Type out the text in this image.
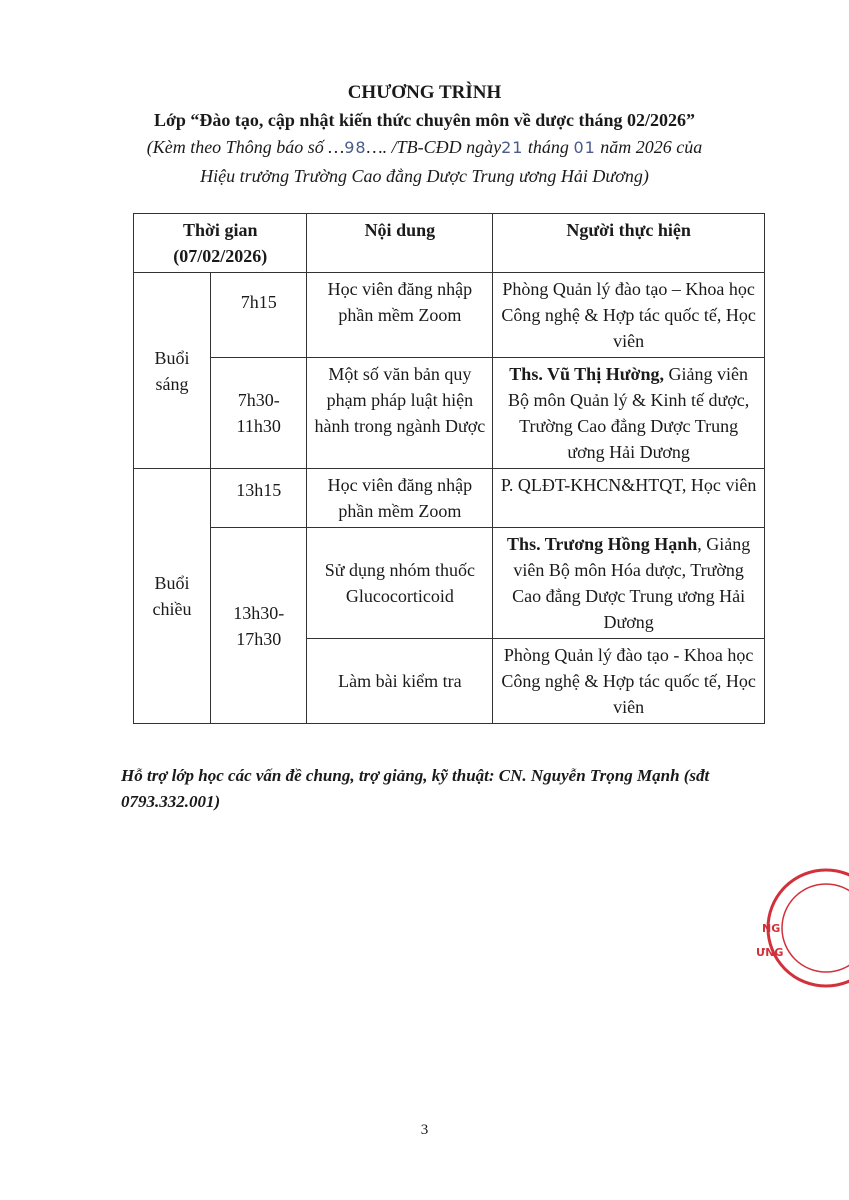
CHƯƠNG TRÌNH
Lớp “Đào tạo, cập nhật kiến thức chuyên môn về dược tháng 02/2026”
(Kèm theo Thông báo số …98…. /TB-CĐD ngày21 tháng 01 năm 2026 của
Hiệu trưởng Trường Cao đẳng Dược Trung ương Hải Dương)
Thời gian
(07/02/2026)		Nội dung	Người thực hiện
Buổi sáng	7h15	Học viên đăng nhập phần mềm Zoom	Phòng Quản lý đào tạo – Khoa học Công nghệ & Hợp tác quốc tế, Học viên
	7h30-11h30	Một số văn bản quy phạm pháp luật hiện hành trong ngành Dược	Ths. Vũ Thị Hường, Giảng viên Bộ môn Quản lý & Kinh tế dược, Trường Cao đẳng Dược Trung ương Hải Dương
Buổi chiều	13h15	Học viên đăng nhập phần mềm Zoom	P. QLĐT-KHCN&HTQT, Học viên
	13h30-17h30	Sử dụng nhóm thuốc Glucocorticoid	Ths. Trương Hồng Hạnh, Giảng viên Bộ môn Hóa dược, Trường Cao đẳng Dược Trung ương Hải Dương
		Làm bài kiểm tra	Phòng Quản lý đào tạo - Khoa học Công nghệ & Hợp tác quốc tế, Học viên
Hỗ trợ lớp học các vấn đề chung, trợ giảng, kỹ thuật: CN. Nguyễn Trọng Mạnh (sđt 0793.332.001)
NG
ƯNG
3
